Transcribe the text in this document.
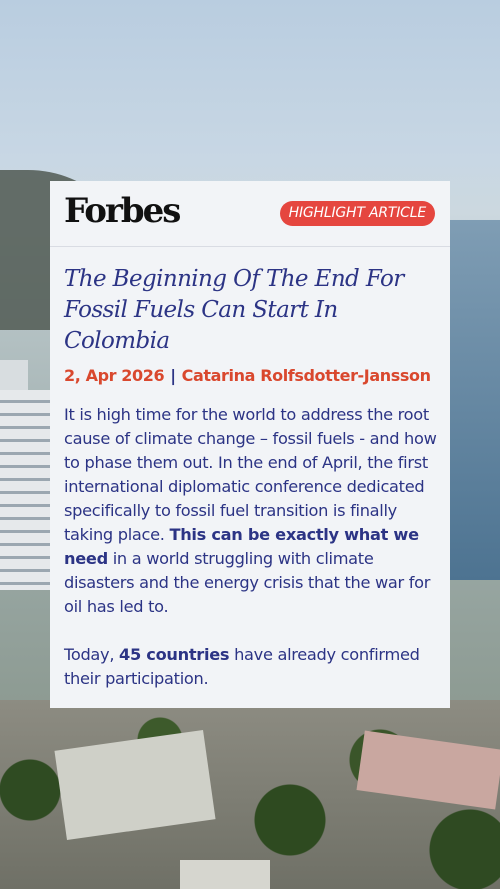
Forbes	HIGHLIGHT ARTICLE
The Beginning Of The End For Fossil Fuels Can Start In Colombia
2, Apr 2026 | Catarina Rolfsdotter-Jansson

It is high time for the world to address the root cause of climate change – fossil fuels - and how to phase them out. In the end of April, the first international diplomatic conference dedicated specifically to fossil fuel transition is finally taking place. This can be exactly what we need in a world struggling with climate disasters and the energy crisis that the war for oil has led to.

Today, 45 countries have already confirmed their participation.
